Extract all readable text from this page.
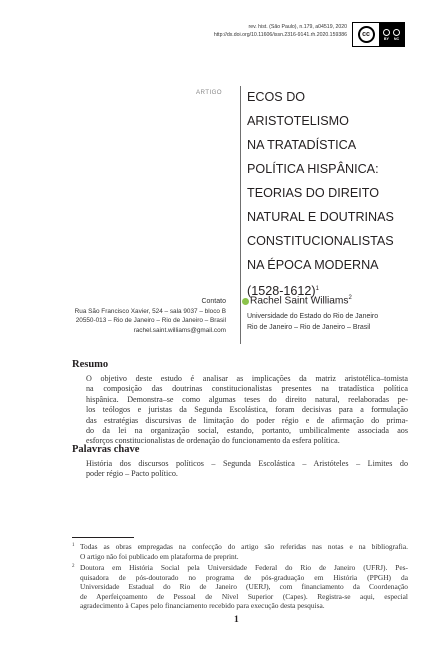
rev. hist. (São Paulo), n.179, a04519, 2020
http://dx.doi.org/10.11606/issn.2316-9141.rh.2020.159386	cc
BY NC
ARTIGO ECOS DO ARISTOTELISMO
NA TRATADÍSTICA
POLÍTICA HISPÂNICA:
TEORIAS DO DIREITO
NATURAL E DOUTRINAS
CONSTITUCIONALISTAS
NA ÉPOCA MODERNA
(1528-1612)$^1$
Contato
Rua São Francisco Xavier, 524 – sala 9037 – bloco B
20550-013 – Rio de Janeiro – Rio de Janeiro – Brasil
rachel.saint.williams@gmail.com
Rachel Saint Williams$^2$
Universidade do Estado do Rio de Janeiro
Rio de Janeiro – Rio de Janeiro – Brasil
Resumo
O objetivo deste estudo é analisar as implicações da matriz aristotélica–tomista
na composição das doutrinas constitucionalistas presentes na tratadística política
hispânica. Demonstra–se como algumas teses do direito natural, reelaboradas pe-
los teólogos e juristas da Segunda Escolástica, foram decisivas para a formulação
das estratégias discursivas de limitação do poder régio e de afirmação do prima-
do da lei na organização social, estando, portanto, umbilicalmente associada aos
esforços constitucionalistas de ordenação do funcionamento da esfera política.
Palavras chave
História dos discursos políticos – Segunda Escolástica – Aristóteles – Limites do
poder régio – Pacto político.
1 Todas as obras empregadas na confecção do artigo são referidas nas notas e na bibliografia.
O artigo não foi publicado em plataforma de preprint.
2 Doutora em História Social pela Universidade Federal do Rio de Janeiro (UFRJ). Pes-
quisadora de pós-doutorado no programa de pós-graduação em História (PPGH) da
Universidade Estadual do Rio de Janeiro (UERJ), com financiamento da Coordenação
de Aperfeiçoamento de Pessoal de Nível Superior (Capes). Registra-se aqui, especial
agradecimento à Capes pelo financiamento recebido para execução desta pesquisa.
1
